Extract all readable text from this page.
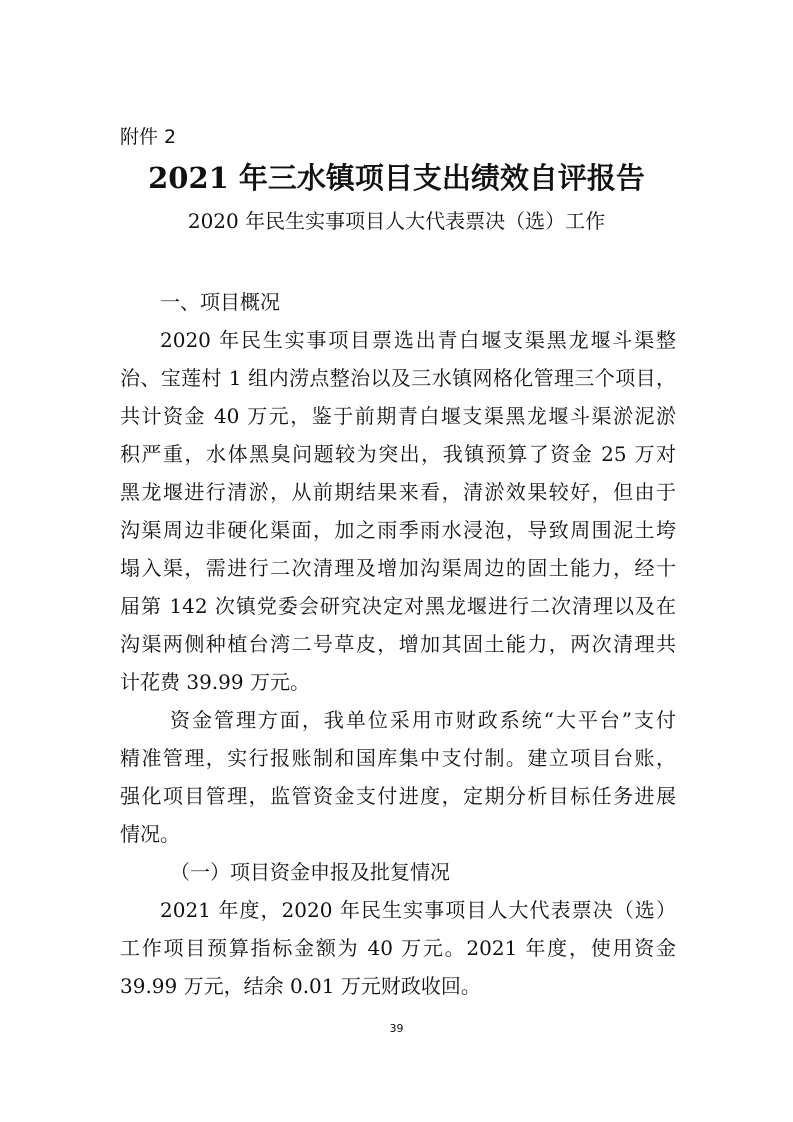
附件 2
2021 年三水镇项目支出绩效自评报告
2020 年民生实事项目人大代表票决（选）工作
一、项目概况
2020 年民生实事项目票选出青白堰支渠黑龙堰斗渠整
治、宝莲村 1 组内涝点整治以及三水镇网格化管理三个项目，
共计资金 40 万元，鉴于前期青白堰支渠黑龙堰斗渠淤泥淤
积严重，水体黑臭问题较为突出，我镇预算了资金 25 万对
黑龙堰进行清淤，从前期结果来看，清淤效果较好，但由于
沟渠周边非硬化渠面，加之雨季雨水浸泡，导致周围泥土垮
塌入渠，需进行二次清理及增加沟渠周边的固土能力，经十
届第 142 次镇党委会研究决定对黑龙堰进行二次清理以及在
沟渠两侧种植台湾二号草皮，增加其固土能力，两次清理共
计花费 39.99 万元。
资金管理方面，我单位采用市财政系统“大平台”支付
精准管理，实行报账制和国库集中支付制。建立项目台账，
强化项目管理，监管资金支付进度，定期分析目标任务进展
情况。
（一）项目资金申报及批复情况
2021 年度，2020 年民生实事项目人大代表票决（选）
工作项目预算指标金额为 40 万元。2021 年度，使用资金
39.99 万元，结余 0.01 万元财政收回。
39
